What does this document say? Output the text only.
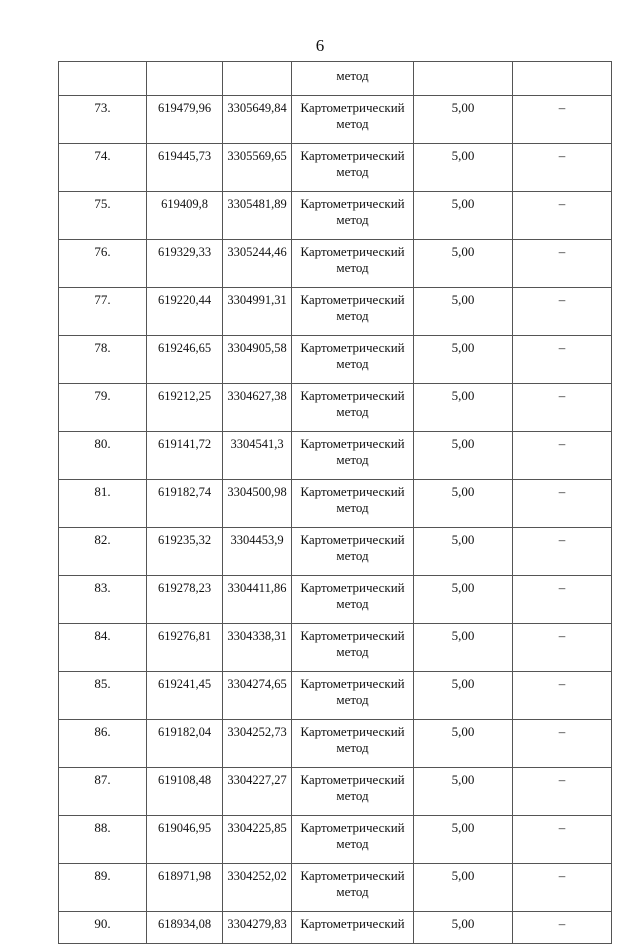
6
			метод		
73.	619479,96	3305649,84	Картометрический
метод	5,00	–
74.	619445,73	3305569,65	Картометрический
метод	5,00	–
75.	619409,8	3305481,89	Картометрический
метод	5,00	–
76.	619329,33	3305244,46	Картометрический
метод	5,00	–
77.	619220,44	3304991,31	Картометрический
метод	5,00	–
78.	619246,65	3304905,58	Картометрический
метод	5,00	–
79.	619212,25	3304627,38	Картометрический
метод	5,00	–
80.	619141,72	3304541,3	Картометрический
метод	5,00	–
81.	619182,74	3304500,98	Картометрический
метод	5,00	–
82.	619235,32	3304453,9	Картометрический
метод	5,00	–
83.	619278,23	3304411,86	Картометрический
метод	5,00	–
84.	619276,81	3304338,31	Картометрический
метод	5,00	–
85.	619241,45	3304274,65	Картометрический
метод	5,00	–
86.	619182,04	3304252,73	Картометрический
метод	5,00	–
87.	619108,48	3304227,27	Картометрический
метод	5,00	–
88.	619046,95	3304225,85	Картометрический
метод	5,00	–
89.	618971,98	3304252,02	Картометрический
метод	5,00	–
90.	618934,08	3304279,83	Картометрический	5,00	–
